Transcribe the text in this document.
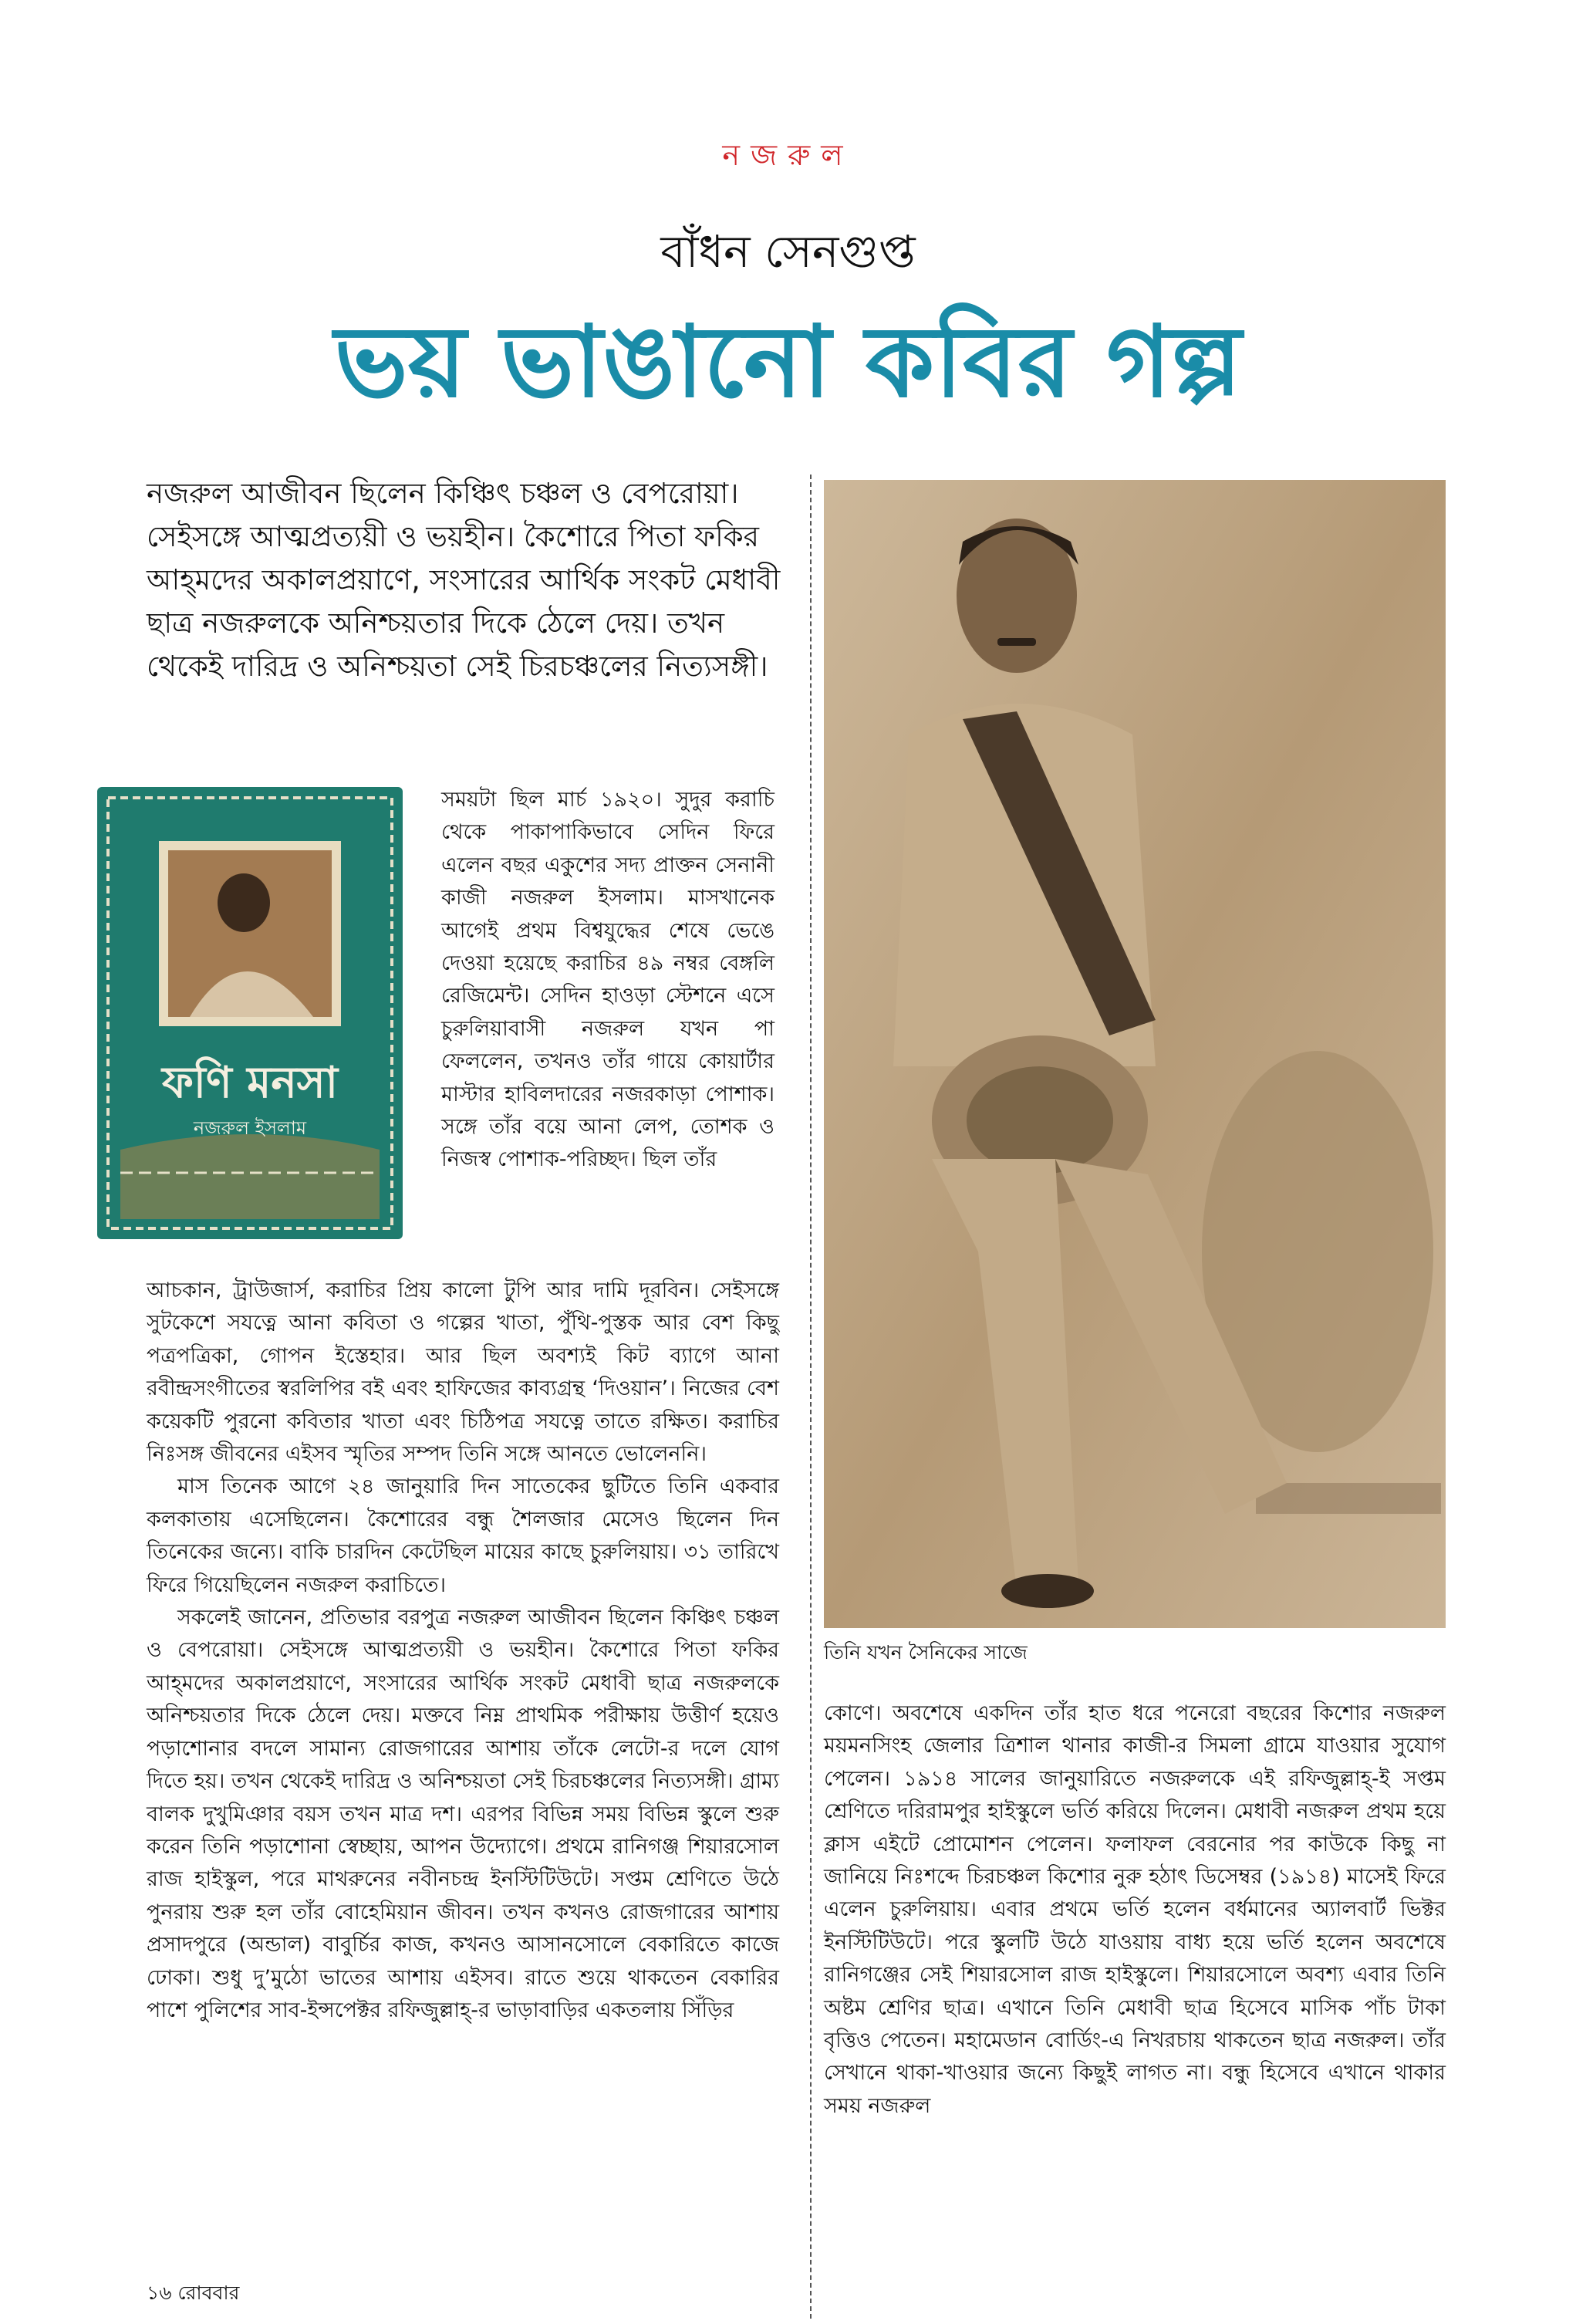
নজরুল
বাঁধন সেনগুপ্ত
ভয় ভাঙানো কবির গল্প
নজরুল আজীবন ছিলেন কিঞ্চিৎ চঞ্চল ও বেপরোয়া। সেইসঙ্গে আত্মপ্রত্যয়ী ও ভয়হীন। কৈশোরে পিতা ফকির আহ্‌মদের অকালপ্রয়াণে, সংসারের আর্থিক সংকট মেধাবী ছাত্র নজরুলকে অনিশ্চয়তার দিকে ঠেলে দেয়। তখন থেকেই দারিদ্র ও অনিশ্চয়তা সেই চিরচঞ্চলের নিত্যসঙ্গী।
তিনি যখন সৈনিকের সাজে
ফণি মনসা
নজরুল ইসলাম

সময়টা ছিল মার্চ ১৯২০। সুদুর করাচি থেকে পাকাপাকিভাবে সেদিন ফিরে এলেন বছর একুশের সদ্য প্রাক্তন সেনানী কাজী নজরুল ইসলাম। মাসখানেক আগেই প্রথম বিশ্বযুদ্ধের শেষে ভেঙে দেওয়া হয়েছে করাচির ৪৯ নম্বর বেঙ্গলি রেজিমেন্ট। সেদিন হাওড়া স্টেশনে এসে চুরুলিয়াবাসী নজরুল যখন পা ফেললেন, তখনও তাঁর গায়ে কোয়ার্টার মাস্টার হাবিলদারের নজরকাড়া পোশাক। সঙ্গে তাঁর বয়ে আনা লেপ, তোশক ও নিজস্ব পোশাক-পরিচ্ছদ। ছিল তাঁর

আচকান, ট্রাউজার্স, করাচির প্রিয় কালো টুপি আর দামি দূরবিন। সেইসঙ্গে সুটকেশে সযত্নে আনা কবিতা ও গল্পের খাতা, পুঁথি-পুস্তক আর বেশ কিছু পত্রপত্রিকা, গোপন ইস্তেহার। আর ছিল অবশ্যই কিট ব্যাগে আনা রবীন্দ্রসংগীতের স্বরলিপির বই এবং হাফিজের কাব্যগ্রন্থ ‘দিওয়ান’। নিজের বেশ কয়েকটি পুরনো কবিতার খাতা এবং চিঠিপত্র সযত্নে তাতে রক্ষিত। করাচির নিঃসঙ্গ জীবনের এইসব স্মৃতির সম্পদ তিনি সঙ্গে আনতে ভোলেননি।

মাস তিনেক আগে ২৪ জানুয়ারি দিন সাতেকের ছুটিতে তিনি একবার কলকাতায় এসেছিলেন। কৈশোরের বন্ধু শৈলজার মেসেও ছিলেন দিন তিনেকের জন্যে। বাকি চারদিন কেটেছিল মায়ের কাছে চুরুলিয়ায়। ৩১ তারিখে ফিরে গিয়েছিলেন নজরুল করাচিতে।

সকলেই জানেন, প্রতিভার বরপুত্র নজরুল আজীবন ছিলেন কিঞ্চিৎ চঞ্চল ও বেপরোয়া। সেইসঙ্গে আত্মপ্রত্যয়ী ও ভয়হীন। কৈশোরে পিতা ফকির আহ্‌মদের অকালপ্রয়াণে, সংসারের আর্থিক সংকট মেধাবী ছাত্র নজরুলকে অনিশ্চয়তার দিকে ঠেলে দেয়। মক্তবে নিম্ন প্রাথমিক পরীক্ষায় উত্তীর্ণ হয়েও পড়াশোনার বদলে সামান্য রোজগারের আশায় তাঁকে লেটো-র দলে যোগ দিতে হয়। তখন থেকেই দারিদ্র ও অনিশ্চয়তা সেই চিরচঞ্চলের নিত্যসঙ্গী। গ্রাম্য বালক দুখুমিঞার বয়স তখন মাত্র দশ। এরপর বিভিন্ন সময় বিভিন্ন স্কুলে শুরু করেন তিনি পড়াশোনা স্বেচ্ছায়, আপন উদ্যোগে। প্রথমে রানিগঞ্জ শিয়ারসোল রাজ হাইস্কুল, পরে মাথরুনের নবীনচন্দ্র ইনস্টিটিউটে। সপ্তম শ্রেণিতে উঠে পুনরায় শুরু হল তাঁর বোহেমিয়ান জীবন। তখন কখনও রোজগারের আশায় প্রসাদপুরে (অন্ডাল) বাবুর্চির কাজ, কখনও আসানসোলে বেকারিতে কাজে ঢোকা। শুধু দু’মুঠো ভাতের আশায় এইসব। রাতে শুয়ে থাকতেন বেকারির পাশে পুলিশের সাব-ইন্সপেক্টর রফিজুল্লাহ্-র ভাড়াবাড়ির একতলায় সিঁড়ির

কোণে। অবশেষে একদিন তাঁর হাত ধরে পনেরো বছরের কিশোর নজরুল ময়মনসিংহ জেলার ত্রিশাল থানার কাজী-র সিমলা গ্রামে যাওয়ার সুযোগ পেলেন। ১৯১৪ সালের জানুয়ারিতে নজরুলকে এই রফিজুল্লাহ্-ই সপ্তম শ্রেণিতে দরিরামপুর হাইস্কুলে ভর্তি করিয়ে দিলেন। মেধাবী নজরুল প্রথম হয়ে ক্লাস এইটে প্রোমোশন পেলেন। ফলাফল বেরনোর পর কাউকে কিছু না জানিয়ে নিঃশব্দে চিরচঞ্চল কিশোর নুরু হঠাৎ ডিসেম্বর (১৯১৪) মাসেই ফিরে এলেন চুরুলিয়ায়। এবার প্রথমে ভর্তি হলেন বর্ধমানের অ্যালবার্ট ভিক্টর ইনস্টিটিউটে। পরে স্কুলটি উঠে যাওয়ায় বাধ্য হয়ে ভর্তি হলেন অবশেষে রানিগঞ্জের সেই শিয়ারসোল রাজ হাইস্কুলে। শিয়ারসোলে অবশ্য এবার তিনি অষ্টম শ্রেণির ছাত্র। এখানে তিনি মেধাবী ছাত্র হিসেবে মাসিক পাঁচ টাকা বৃত্তিও পেতেন। মহামেডান বোর্ডিং-এ নিখরচায় থাকতেন ছাত্র নজরুল। তাঁর সেখানে থাকা-খাওয়ার জন্যে কিছুই লাগত না। বন্ধু হিসেবে এখানে থাকার সময় নজরুল

১৬ রোববার
